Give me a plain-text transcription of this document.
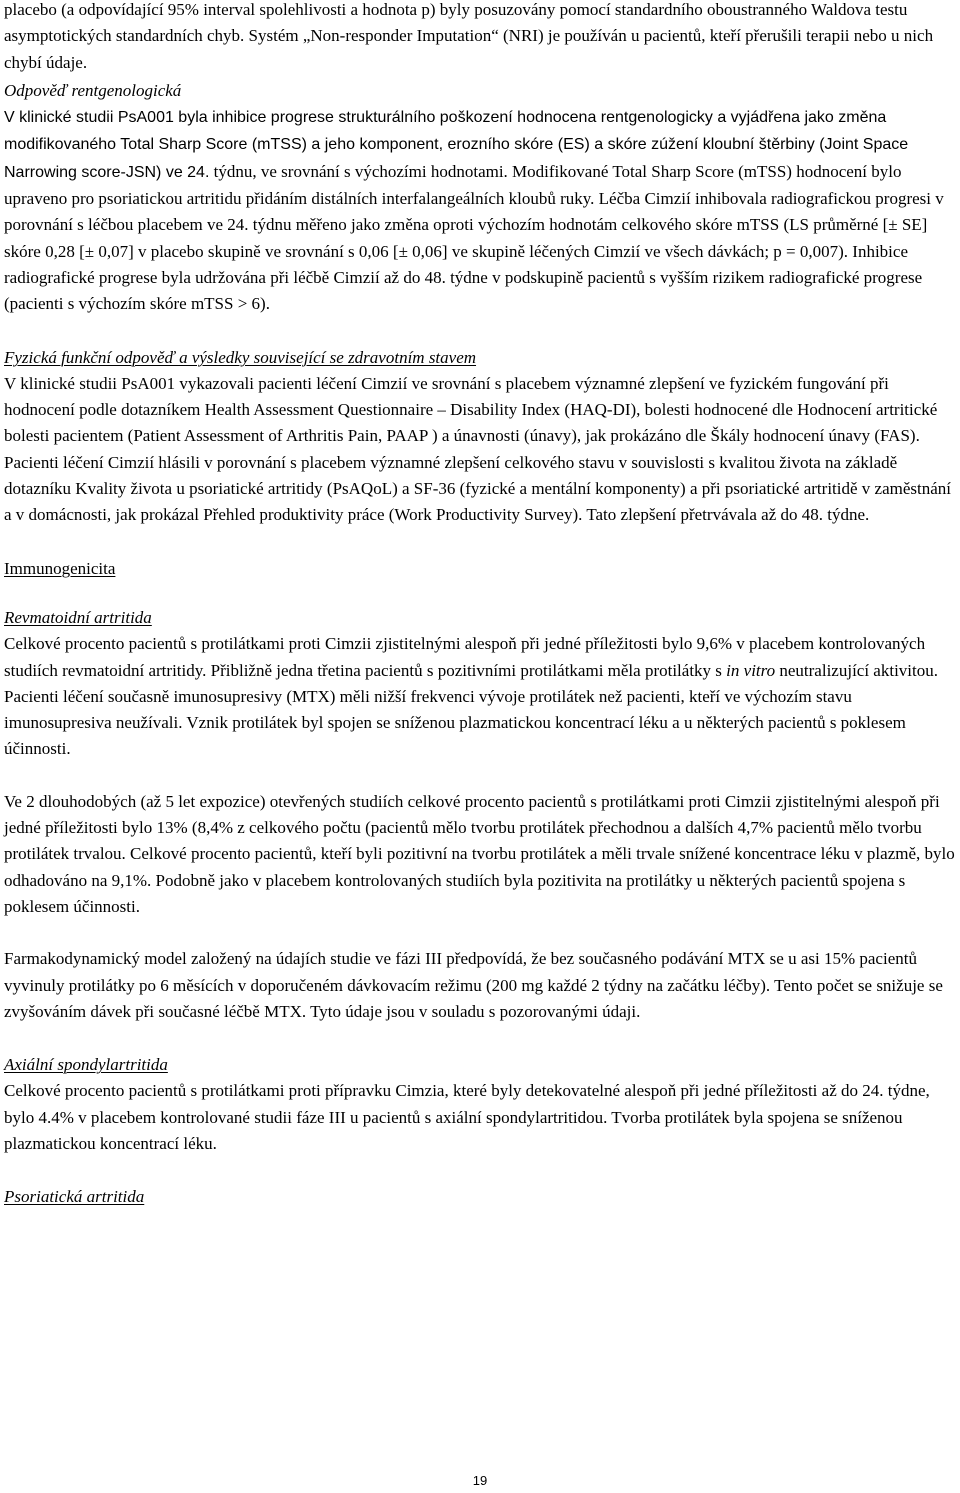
placebo (a odpovídající 95% interval spolehlivosti a hodnota p) byly posuzovány pomocí standardního oboustranného Waldova testu asymptotických standardních chyb. Systém „Non-responder Imputation“ (NRI) je používán u pacientů, kteří přerušili terapii nebo u nich chybí údaje.

Odpověď rentgenologická

V klinické studii PsA001 byla inhibice progrese strukturálního poškození hodnocena rentgenologicky a vyjádřena jako změna modifikovaného Total Sharp Score (mTSS) a jeho komponent, erozního skóre (ES) a skóre zúžení kloubní štěrbiny (Joint Space Narrowing score-JSN) ve 24. týdnu, ve srovnání s výchozími hodnotami. Modifikované Total Sharp Score (mTSS) hodnocení bylo upraveno pro psoriatickou artritidu přidáním distálních interfalangeálních kloubů ruky. Léčba Cimzií inhibovala radiografickou progresi v porovnání s léčbou placebem ve 24. týdnu měřeno jako změna oproti výchozím hodnotám celkového skóre mTSS (LS průměrné [± SE] skóre 0,28 [± 0,07] v placebo skupině ve srovnání s 0,06 [± 0,06] ve skupině léčených Cimzií ve všech dávkách; p = 0,007). Inhibice radiografické progrese byla udržována při léčbě Cimzií až do 48. týdne v podskupině pacientů s vyšším rizikem radiografické progrese (pacienti s výchozím skóre mTSS > 6).

Fyzická funkční odpověď a výsledky související se zdravotním stavem

V klinické studii PsA001 vykazovali pacienti léčení Cimzií ve srovnání s placebem významné zlepšení ve fyzickém fungování při hodnocení podle dotazníkem Health Assessment Questionnaire – Disability Index (HAQ-DI), bolesti hodnocené dle Hodnocení artritické bolesti pacientem (Patient Assessment of Arthritis Pain, PAAP ) a únavnosti (únavy), jak prokázáno dle Škály hodnocení únavy (FAS). Pacienti léčení Cimzií hlásili v porovnání s placebem významné zlepšení celkového stavu v souvislosti s kvalitou života na základě dotazníku Kvality života u psoriatické artritidy (PsAQoL) a SF-36 (fyzické a mentální komponenty) a při psoriatické artritidě v zaměstnání a v domácnosti, jak prokázal Přehled produktivity práce (Work Productivity Survey). Tato zlepšení přetrvávala až do 48. týdne.

Immunogenicita

Revmatoidní artritida

Celkové procento pacientů s protilátkami proti Cimzii zjistitelnými alespoň při jedné příležitosti bylo 9,6% v placebem kontrolovaných studiích revmatoidní artritidy. Přibližně jedna třetina pacientů s pozitivními protilátkami měla protilátky s in vitro neutralizující aktivitou. Pacienti léčení současně imunosupresivy (MTX) měli nižší frekvenci vývoje protilátek než pacienti, kteří ve výchozím stavu imunosupresiva neužívali. Vznik protilátek byl spojen se sníženou plazmatickou koncentrací léku a u některých pacientů s poklesem účinnosti.

Ve 2 dlouhodobých (až 5 let expozice) otevřených studiích celkové procento pacientů s protilátkami proti Cimzii zjistitelnými alespoň při jedné příležitosti bylo 13% (8,4% z celkového počtu (pacientů mělo tvorbu protilátek přechodnou a dalších 4,7% pacientů mělo tvorbu protilátek trvalou. Celkové procento pacientů, kteří byli pozitivní na tvorbu protilátek a měli trvale snížené koncentrace léku v plazmě, bylo odhadováno na 9,1%. Podobně jako v placebem kontrolovaných studiích byla pozitivita na protilátky u některých pacientů spojena s poklesem účinnosti.

Farmakodynamický model založený na údajích studie ve fázi III předpovídá, že bez současného podávání MTX se u asi 15% pacientů vyvinuly protilátky po 6 měsících v doporučeném dávkovacím režimu (200 mg každé 2 týdny na začátku léčby). Tento počet se snižuje se zvyšováním dávek při současné léčbě MTX. Tyto údaje jsou v souladu s pozorovanými údaji.

Axiální spondylartritida

Celkové procento pacientů s protilátkami proti přípravku Cimzia, které byly detekovatelné alespoň při jedné příležitosti až do 24. týdne, bylo 4.4% v placebem kontrolované studii fáze III u pacientů s axiální spondylartritidou. Tvorba protilátek byla spojena se sníženou plazmatickou koncentrací léku.

Psoriatická artritida

19
